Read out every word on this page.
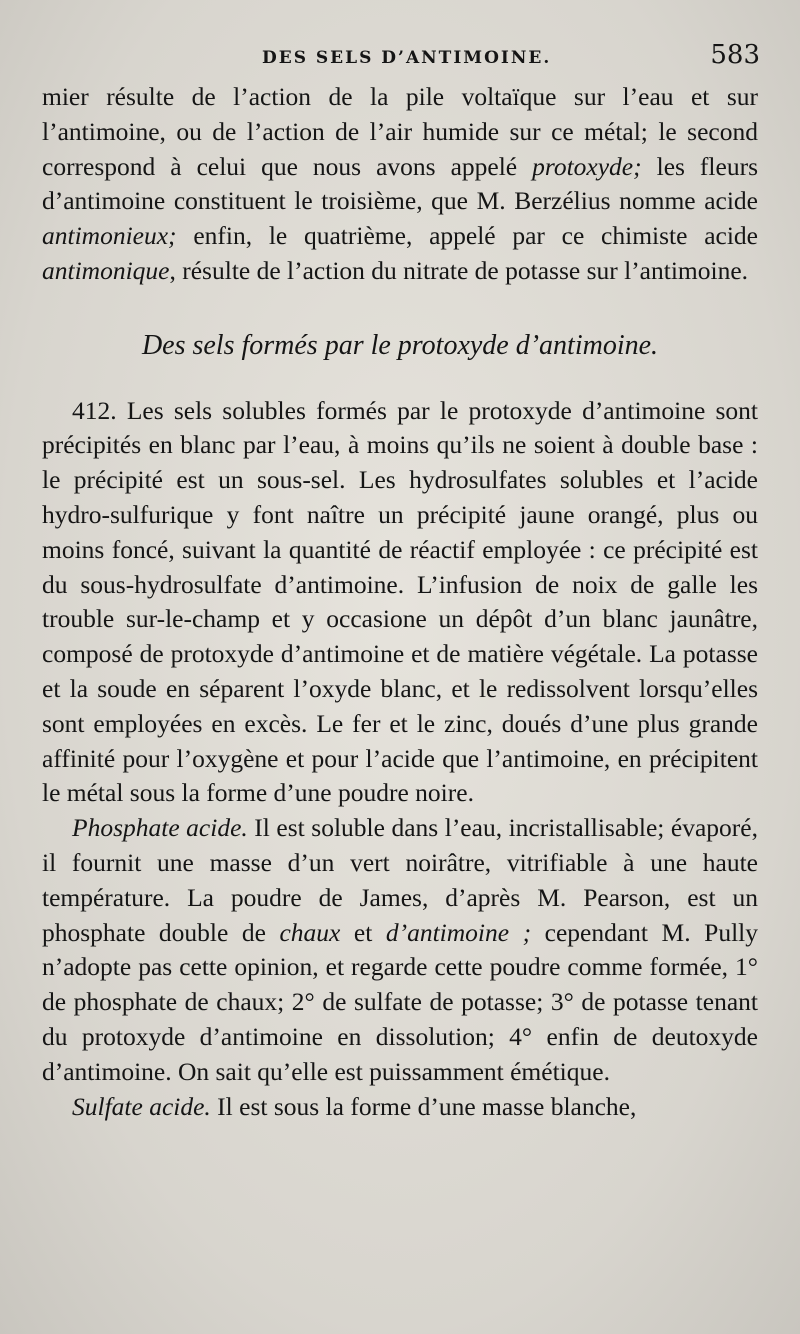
DES SELS D’ANTIMOINE.	583

mier résulte de l’action de la pile voltaïque sur l’eau et sur l’antimoine, ou de l’action de l’air humide sur ce métal; le second correspond à celui que nous avons appelé protoxyde; les fleurs d’antimoine constituent le troisième, que M. Berzélius nomme acide antimonieux; enfin, le quatrième, appelé par ce chimiste acide antimonique, résulte de l’action du nitrate de potasse sur l’antimoine.

Des sels formés par le protoxyde d’antimoine.

412. Les sels solubles formés par le protoxyde d’antimoine sont précipités en blanc par l’eau, à moins qu’ils ne soient à double base : le précipité est un sous-sel. Les hydrosulfates solubles et l’acide hydro-sulfurique y font naître un précipité jaune orangé, plus ou moins foncé, suivant la quantité de réactif employée : ce précipité est du sous-hydrosulfate d’antimoine. L’infusion de noix de galle les trouble sur-le-champ et y occasione un dépôt d’un blanc jaunâtre, composé de protoxyde d’antimoine et de matière végétale. La potasse et la soude en séparent l’oxyde blanc, et le redissolvent lorsqu’elles sont employées en excès. Le fer et le zinc, doués d’une plus grande affinité pour l’oxygène et pour l’acide que l’antimoine, en précipitent le métal sous la forme d’une poudre noire.

Phosphate acide. Il est soluble dans l’eau, incristallisable; évaporé, il fournit une masse d’un vert noirâtre, vitrifiable à une haute température. La poudre de James, d’après M. Pearson, est un phosphate double de chaux et d’antimoine ; cependant M. Pully n’adopte pas cette opinion, et regarde cette poudre comme formée, 1° de phosphate de chaux; 2° de sulfate de potasse; 3° de potasse tenant du protoxyde d’antimoine en dissolution; 4° enfin de deutoxyde d’antimoine. On sait qu’elle est puissamment émétique.

Sulfate acide. Il est sous la forme d’une masse blanche,
